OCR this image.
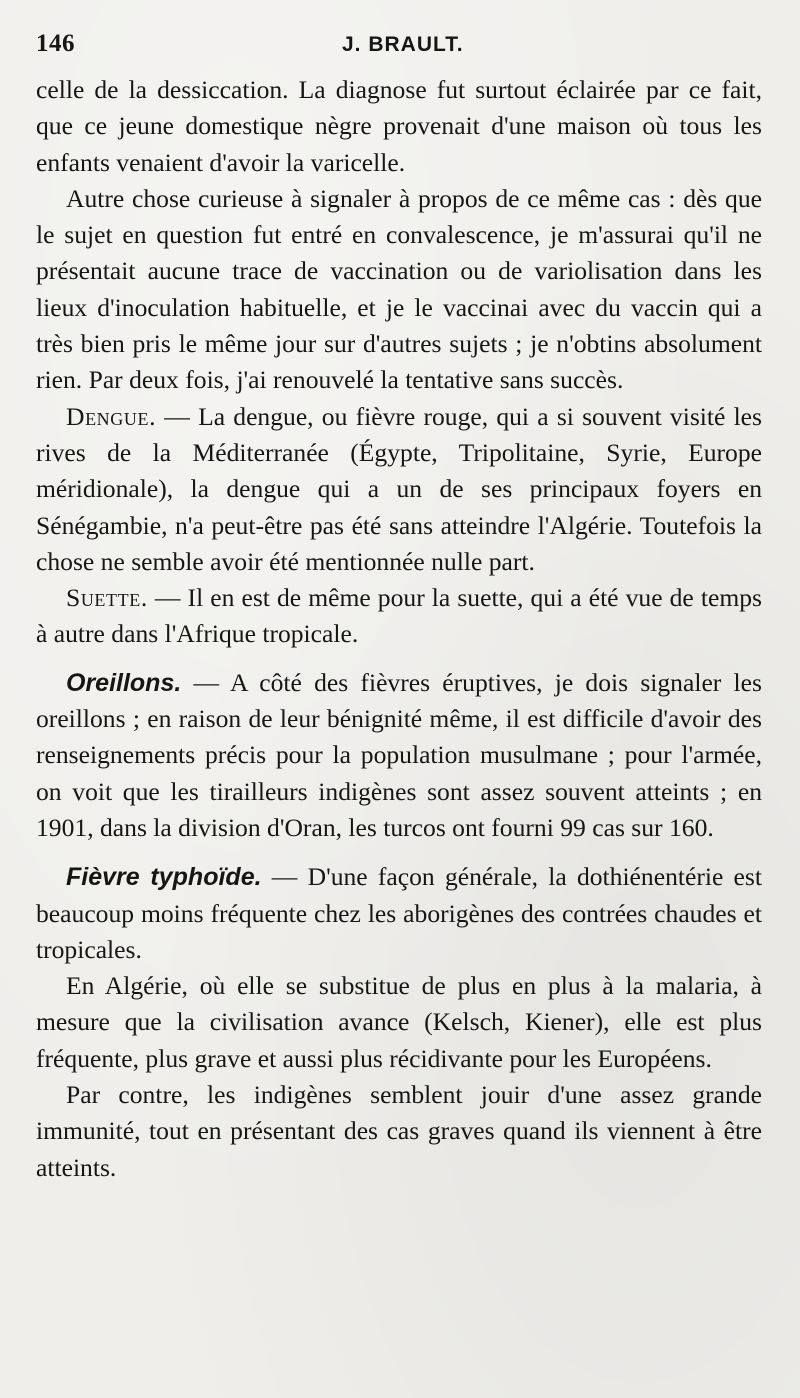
146	J. BRAULT.

celle de la dessiccation. La diagnose fut surtout éclairée par ce fait, que ce jeune domestique nègre provenait d'une maison où tous les enfants venaient d'avoir la varicelle.

Autre chose curieuse à signaler à propos de ce même cas : dès que le sujet en question fut entré en convalescence, je m'assurai qu'il ne présentait aucune trace de vaccination ou de variolisation dans les lieux d'inoculation habituelle, et je le vaccinai avec du vaccin qui a très bien pris le même jour sur d'autres sujets ; je n'obtins absolument rien. Par deux fois, j'ai renouvelé la tentative sans succès.

Dengue. — La dengue, ou fièvre rouge, qui a si souvent visité les rives de la Méditerranée (Égypte, Tripolitaine, Syrie, Europe méridionale), la dengue qui a un de ses principaux foyers en Sénégambie, n'a peut-être pas été sans atteindre l'Algérie. Toutefois la chose ne semble avoir été mentionnée nulle part.

Suette. — Il en est de même pour la suette, qui a été vue de temps à autre dans l'Afrique tropicale.

Oreillons. — A côté des fièvres éruptives, je dois signaler les oreillons ; en raison de leur bénignité même, il est difficile d'avoir des renseignements précis pour la population musulmane ; pour l'armée, on voit que les tirailleurs indigènes sont assez souvent atteints ; en 1901, dans la division d'Oran, les turcos ont fourni 99 cas sur 160.

Fièvre typhoïde. — D'une façon générale, la dothiénentérie est beaucoup moins fréquente chez les aborigènes des contrées chaudes et tropicales.

En Algérie, où elle se substitue de plus en plus à la malaria, à mesure que la civilisation avance (Kelsch, Kiener), elle est plus fréquente, plus grave et aussi plus récidivante pour les Européens.

Par contre, les indigènes semblent jouir d'une assez grande immunité, tout en présentant des cas graves quand ils viennent à être atteints.
